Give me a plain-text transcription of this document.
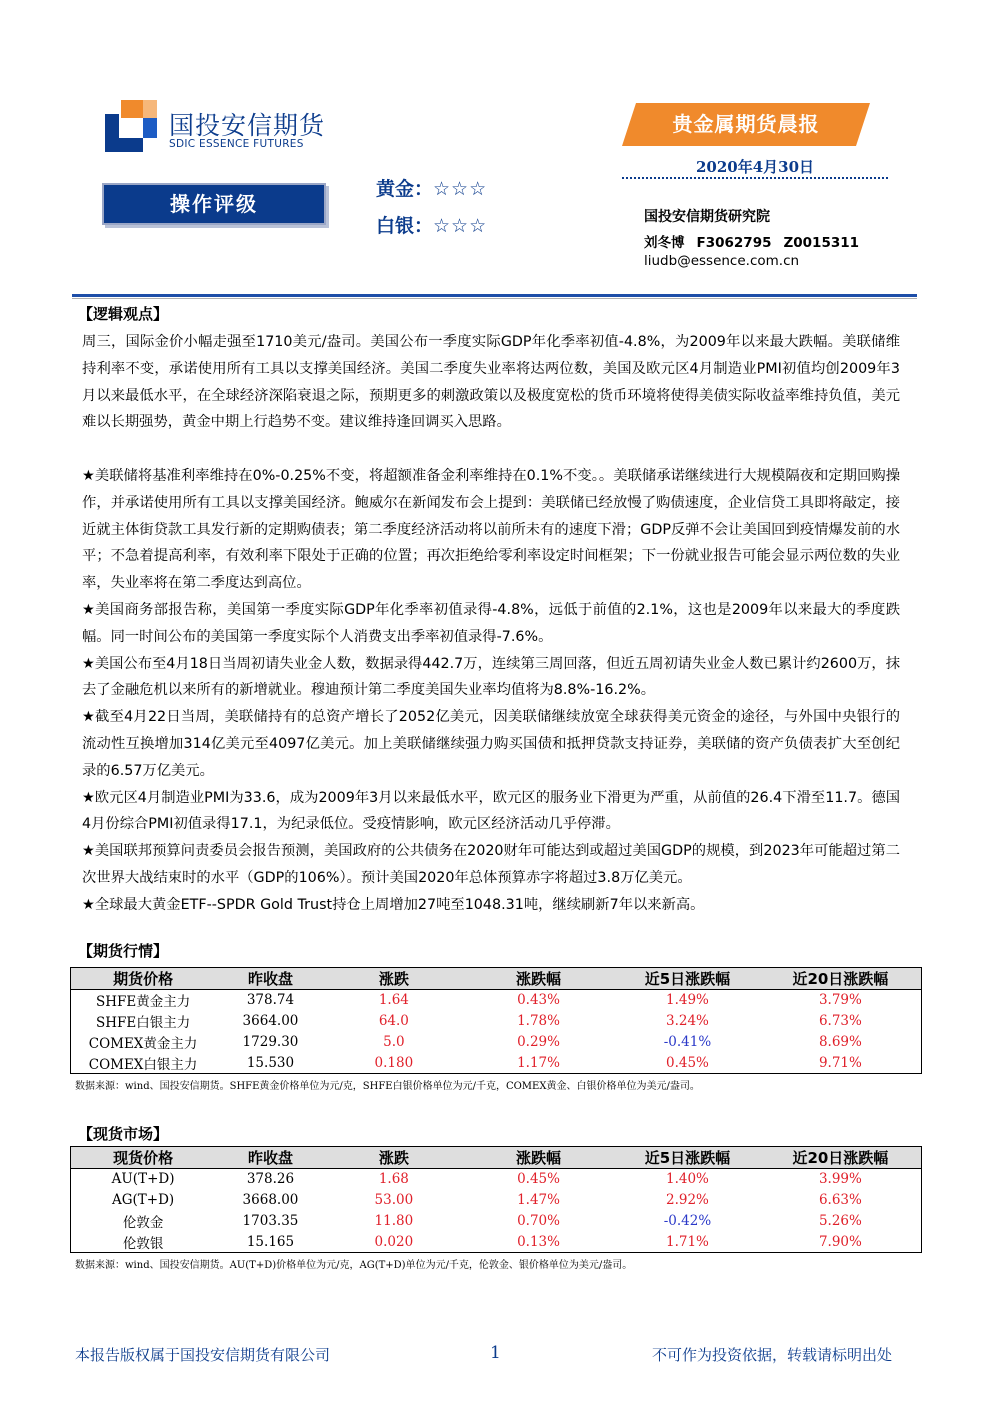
国投安信期货
SDIC ESSENCE FUTURES
贵金属期货晨报
2020年4月30日
操作评级
黄金：☆☆☆
白银：☆☆☆	国投安信期货研究院
刘冬博 F3062795 Z0015311
liudb@essence.com.cn
【逻辑观点】

周三，国际金价小幅走强至1710美元/盎司。美国公布一季度实际GDP年化季率初值-4.8%，为2009年以来最大跌幅。美联储维持利率不变，承诺使用所有工具以支撑美国经济。美国二季度失业率将达两位数，美国及欧元区4月制造业PMI初值均创2009年3月以来最低水平，在全球经济深陷衰退之际，预期更多的刺激政策以及极度宽松的货币环境将使得美债实际收益率维持负值，美元难以长期强势，黄金中期上行趋势不变。建议维持逢回调买入思路。

★美联储将基准利率维持在0%-0.25%不变，将超额准备金利率维持在0.1%不变。。美联储承诺继续进行大规模隔夜和定期回购操作，并承诺使用所有工具以支撑美国经济。鲍威尔在新闻发布会上提到：美联储已经放慢了购债速度，企业信贷工具即将敲定，接近就主体街贷款工具发行新的定期购债表；第二季度经济活动将以前所未有的速度下滑；GDP反弹不会让美国回到疫情爆发前的水平；不急着提高利率，有效利率下限处于正确的位置；再次拒绝给零利率设定时间框架；下一份就业报告可能会显示两位数的失业率，失业率将在第二季度达到高位。

★美国商务部报告称，美国第一季度实际GDP年化季率初值录得-4.8%，远低于前值的2.1%，这也是2009年以来最大的季度跌幅。同一时间公布的美国第一季度实际个人消费支出季率初值录得-7.6%。

★美国公布至4月18日当周初请失业金人数，数据录得442.7万，连续第三周回落，但近五周初请失业金人数已累计约2600万，抹去了金融危机以来所有的新增就业。穆迪预计第二季度美国失业率均值将为8.8%-16.2%。

★截至4月22日当周，美联储持有的总资产增长了2052亿美元，因美联储继续放宽全球获得美元资金的途径，与外国中央银行的流动性互换增加314亿美元至4097亿美元。加上美联储继续强力购买国债和抵押贷款支持证券，美联储的资产负债表扩大至创纪录的6.57万亿美元。

★欧元区4月制造业PMI为33.6，成为2009年3月以来最低水平，欧元区的服务业下滑更为严重，从前值的26.4下滑至11.7。德国4月份综合PMI初值录得17.1，为纪录低位。受疫情影响，欧元区经济活动几乎停滞。

★美国联邦预算问责委员会报告预测，美国政府的公共债务在2020财年可能达到或超过美国GDP的规模，到2023年可能超过第二次世界大战结束时的水平（GDP的106%）。预计美国2020年总体预算赤字将超过3.8万亿美元。

★全球最大黄金ETF--SPDR Gold Trust持仓上周增加27吨至1048.31吨，继续刷新7年以来新高。

【期货行情】
期货价格	昨收盘	涨跌	涨跌幅	近5日涨跌幅	近20日涨跌幅
SHFE黄金主力	378.74	1.64	0.43%	1.49%	3.79%
SHFE白银主力	3664.00	64.0	1.78%	3.24%	6.73%
COMEX黄金主力	1729.30	5.0	0.29%	-0.41%	8.69%
COMEX白银主力	15.530	0.180	1.17%	0.45%	9.71%
数据来源：wind、国投安信期货。SHFE黄金价格单位为元/克，SHFE白银价格单位为元/千克，COMEX黄金、白银价格单位为美元/盎司。
【现货市场】
现货价格	昨收盘	涨跌	涨跌幅	近5日涨跌幅	近20日涨跌幅
AU(T+D)	378.26	1.68	0.45%	1.40%	3.99%
AG(T+D)	3668.00	53.00	1.47%	2.92%	6.63%
伦敦金	1703.35	11.80	0.70%	-0.42%	5.26%
伦敦银	15.165	0.020	0.13%	1.71%	7.90%
数据来源：wind、国投安信期货。AU(T+D)价格单位为元/克，AG(T+D)单位为元/千克，伦敦金、银价格单位为美元/盎司。
本报告版权属于国投安信期货有限公司	1	不可作为投资依据，转载请标明出处
